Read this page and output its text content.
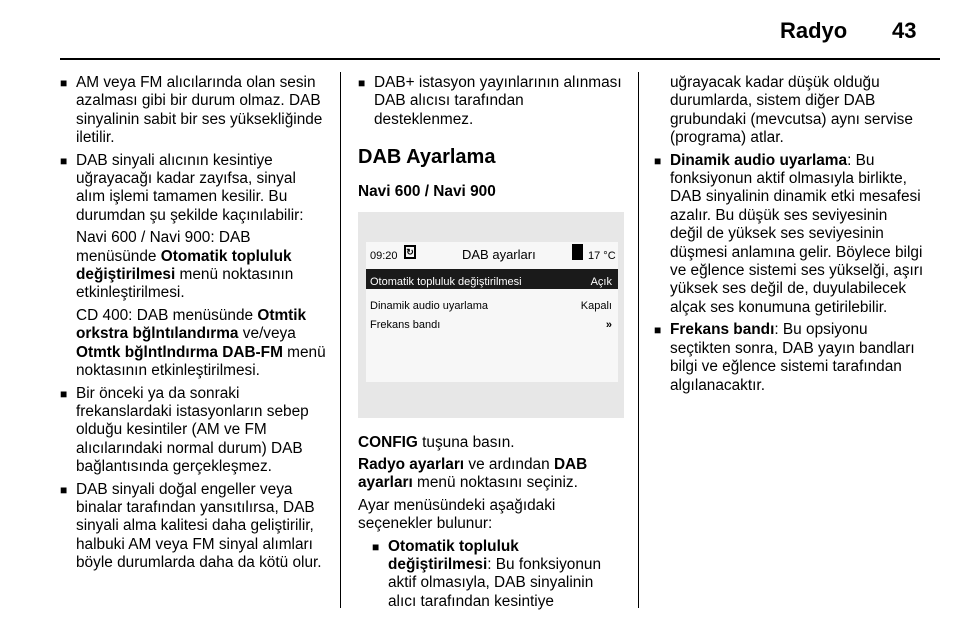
Radyo 43
■ AM veya FM alıcılarında olan sesin azalması gibi bir durum olmaz. DAB sinyalinin sabit bir ses yüksekliğinde iletilir.
■ DAB sinyali alıcının kesintiye uğrayacağı kadar zayıfsa, sinyal alım işlemi tamamen kesilir. Bu durumdan şu şekilde kaçınılabilir:
Navi 600 / Navi 900: DAB menüsünde Otomatik topluluk değiştirilmesi menü noktasının etkinleştirilmesi.
CD 400: DAB menüsünde Otmtik orkstra bğlntılandırma ve/veya Otmtk bğlntlndırma DAB-FM menü noktasının etkinleştirilmesi.
■ Bir önceki ya da sonraki frekanslardaki istasyonların sebep olduğu kesintiler (AM ve FM alıcılarındaki normal durum) DAB bağlantısında gerçekleşmez.
■ DAB sinyali doğal engeller veya binalar tarafından yansıtılırsa, DAB sinyali alma kalitesi daha geliştirilir, halbuki AM veya FM sinyal alımları böyle durumlarda daha da kötü olur.
■ DAB+ istasyon yayınlarının alınması DAB alıcısı tarafından desteklenmez.
DAB Ayarlama
Navi 600 / Navi 900
09:20 ↻	DAB ayarları	17 °C
Otomatik topluluk değiştirilmesi	Açık
Dinamik audio uyarlama	Kapalı
Frekans bandı	»
CONFIG tuşuna basın.
Radyo ayarları ve ardından DAB ayarları menü noktasını seçiniz.
Ayar menüsündeki aşağıdaki seçenekler bulunur:
■ Otomatik topluluk değiştirilmesi: Bu fonksiyonun aktif olmasıyla, DAB sinyalinin alıcı tarafından kesintiye
uğrayacak kadar düşük olduğu durumlarda, sistem diğer DAB grubundaki (mevcutsa) aynı servise (programa) atlar.
■ Dinamik audio uyarlama: Bu fonksiyonun aktif olmasıyla birlikte, DAB sinyalinin dinamik etki mesafesi azalır. Bu düşük ses seviyesinin değil de yüksek ses seviyesinin düşmesi anlamına gelir. Böylece bilgi ve eğlence sistemi ses yükselği, aşırı yüksek ses değil de, duyulabilecek alçak ses konumuna getirilebilir.
■ Frekans bandı: Bu opsiyonu seçtikten sonra, DAB yayın bandları bilgi ve eğlence sistemi tarafından algılanacaktır.
